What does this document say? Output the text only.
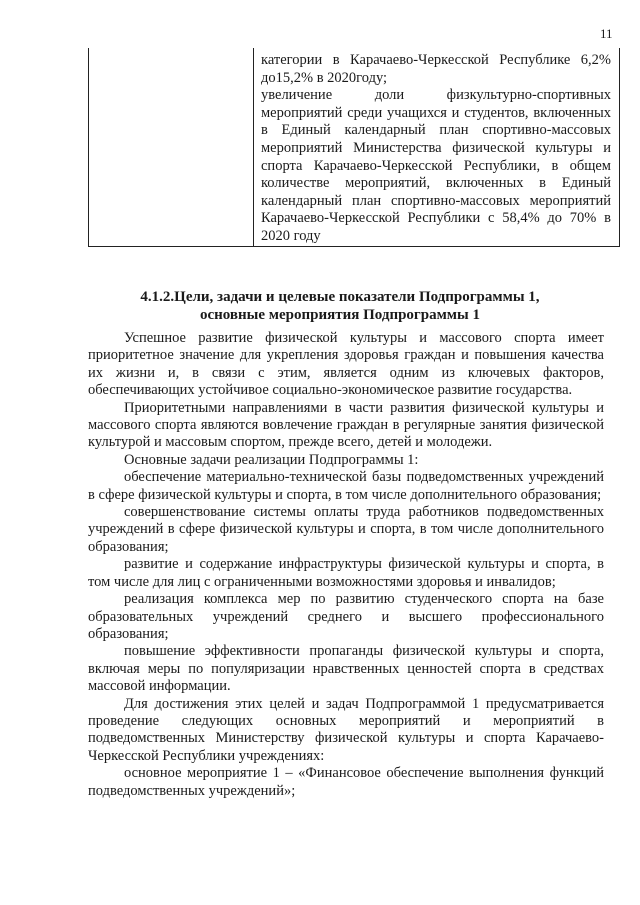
11
категории в Карачаево-Черкесской Республике 6,2% до15,2% в 2020году;
увеличение доли физкультурно-спортивных мероприятий среди учащихся и студентов, включенных в Единый календарный план спортивно-массовых мероприятий Министерства физической культуры и спорта Карачаево-Черкесской Республики, в общем количестве мероприятий, включенных в Единый календарный план спортивно-массовых мероприятий Карачаево-Черкесской Республики с 58,4% до 70% в 2020 году
4.1.2.Цели, задачи и целевые показатели Подпрограммы 1,
основные мероприятия Подпрограммы 1

Успешное развитие физической культуры и массового спорта имеет приоритетное значение для укрепления здоровья граждан и повышения качества их жизни и, в связи с этим, является одним из ключевых факторов, обеспечивающих устойчивое социально-экономическое развитие государства.

Приоритетными направлениями в части развития физической культуры и массового спорта являются вовлечение граждан в регулярные занятия физической культурой и массовым спортом, прежде всего, детей и молодежи.

Основные задачи реализации Подпрограммы 1:

обеспечение материально-технической базы подведомственных учреждений в сфере физической культуры и спорта, в том числе дополнительного образования;

совершенствование системы оплаты труда работников подведомственных учреждений в сфере физической культуры и спорта, в том числе дополнительного образования;

развитие и содержание инфраструктуры физической культуры и спорта, в том числе для лиц с ограниченными возможностями здоровья и инвалидов;

реализация комплекса мер по развитию студенческого спорта на базе образовательных учреждений среднего и высшего профессионального образования;

повышение эффективности пропаганды физической культуры и спорта, включая меры по популяризации нравственных ценностей спорта в средствах массовой информации.

Для достижения этих целей и задач Подпрограммой 1 предусматривается проведение следующих основных мероприятий и мероприятий в подведомственных Министерству физической культуры и спорта Карачаево-Черкесской Республики учреждениях:

основное мероприятие 1 – «Финансовое обеспечение выполнения функций подведомственных учреждений»;
